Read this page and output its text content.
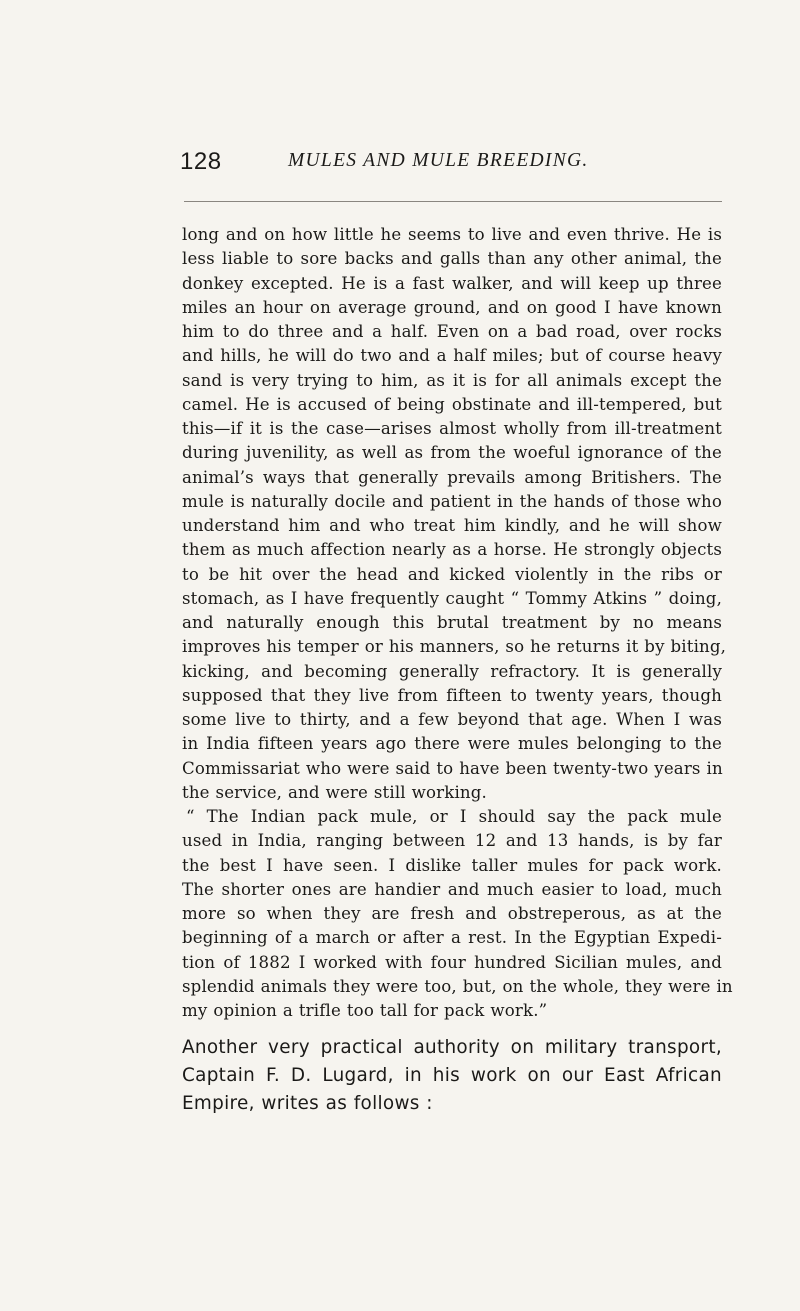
128	MULES AND MULE BREEDING.
long and on how little he seems to live and even thrive. He is
less liable to sore backs and galls than any other animal, the
donkey excepted. He is a fast walker, and will keep up three
miles an hour on average ground, and on good I have known
him to do three and a half. Even on a bad road, over rocks
and hills, he will do two and a half miles; but of course heavy
sand is very trying to him, as it is for all animals except the
camel. He is accused of being obstinate and ill-tempered, but
this—if it is the case—arises almost wholly from ill-treatment
during juvenility, as well as from the woeful ignorance of the
animal’s ways that generally prevails among Britishers. The
mule is naturally docile and patient in the hands of those who
understand him and who treat him kindly, and he will show
them as much affection nearly as a horse. He strongly objects
to be hit over the head and kicked violently in the ribs or
stomach, as I have frequently caught “ Tommy Atkins ” doing,
and naturally enough this brutal treatment by no means
improves his temper or his manners, so he returns it by biting,
kicking, and becoming generally refractory. It is generally
supposed that they live from fifteen to twenty years, though
some live to thirty, and a few beyond that age. When I was
in India fifteen years ago there were mules belonging to the
Commissariat who were said to have been twenty-two years in
the service, and were still working.
“ The Indian pack mule, or I should say the pack mule
used in India, ranging between 12 and 13 hands, is by far
the best I have seen. I dislike taller mules for pack work.
The shorter ones are handier and much easier to load, much
more so when they are fresh and obstreperous, as at the
beginning of a march or after a rest. In the Egyptian Expedi-
tion of 1882 I worked with four hundred Sicilian mules, and
splendid animals they were too, but, on the whole, they were in
my opinion a trifle too tall for pack work.”
Another very practical authority on military transport,
Captain F. D. Lugard, in his work on our East African
Empire, writes as follows :
